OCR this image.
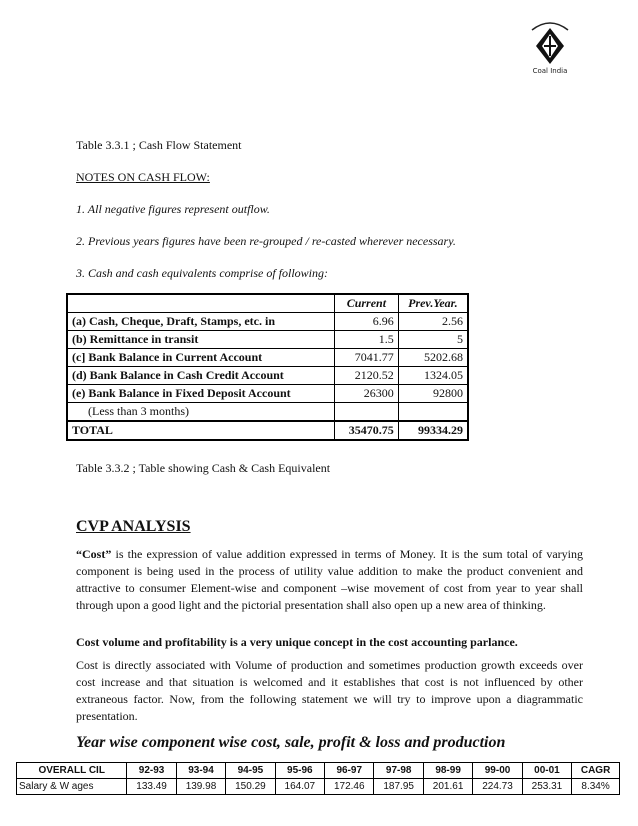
Coal India
Table 3.3.1 ; Cash Flow Statement
NOTES ON CASH FLOW:
1. All negative figures represent outflow.
2. Previous years figures have been re-grouped / re-casted wherever necessary.
3. Cash and cash equivalents comprise of following:
	Current	Prev.Year.
(a) Cash, Cheque, Draft, Stamps, etc. in	6.96	2.56
(b) Remittance in transit	1.5	5
(c] Bank Balance in Current Account	7041.77	5202.68
(d) Bank Balance in Cash Credit Account	2120.52	1324.05
(e) Bank Balance in Fixed Deposit Account	26300	92800
(Less than 3 months)		
TOTAL	35470.75	99334.29
Table 3.3.2 ; Table showing Cash & Cash Equivalent
CVP ANALYSIS
“Cost” is the expression of value addition expressed in terms of Money. It is the sum total of varying component is being used in the process of utility value addition to make the product convenient and attractive to consumer Element-wise and component –wise movement of cost from year to year shall through upon a good light and the pictorial presentation shall also open up a new area of thinking.
Cost volume and profitability is a very unique concept in the cost accounting parlance.
Cost is directly associated with Volume of production and sometimes production growth exceeds over cost increase and that situation is welcomed and it establishes that cost is not influenced by other extraneous factor. Now, from the following statement we will try to improve upon a diagrammatic presentation.
Year wise component wise cost, sale, profit & loss and production
OVERALL CIL	92-93	93-94	94-95	95-96	96-97	97-98	98-99	99-00	00-01	CAGR
Salary & W ages	133.49	139.98	150.29	164.07	172.46	187.95	201.61	224.73	253.31	8.34%
